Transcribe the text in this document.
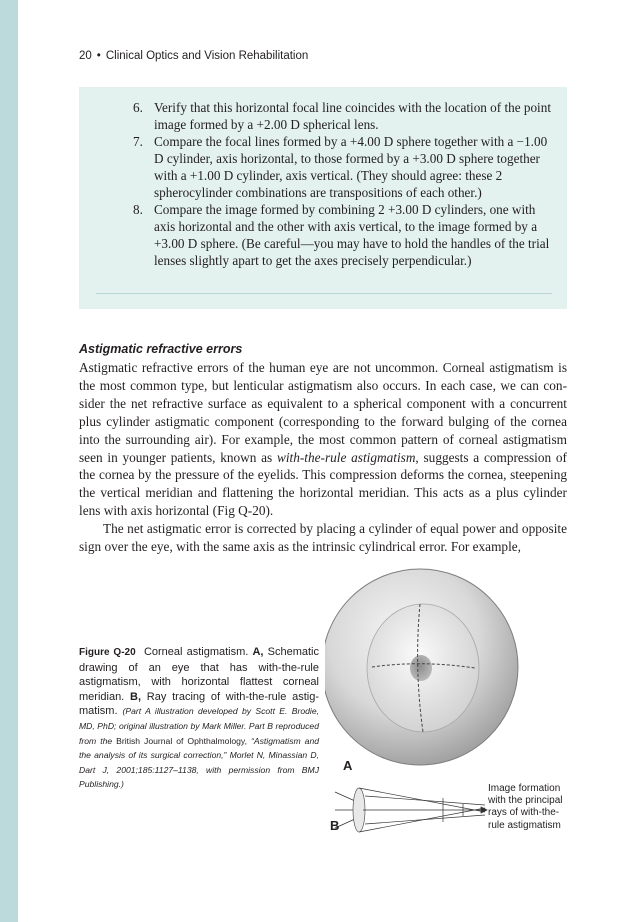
20 • Clinical Optics and Vision Rehabilitation
6. Verify that this horizontal focal line coincides with the location of the point image formed by a +2.00 D spherical lens.
7. Compare the focal lines formed by a +4.00 D sphere together with a −1.00 D cylinder, axis horizontal, to those formed by a +3.00 D sphere together with a +1.00 D cylinder, axis vertical. (They should agree: these 2 spherocylinder combinations are transpositions of each other.)
8. Compare the image formed by combining 2 +3.00 D cylinders, one with axis horizontal and the other with axis vertical, to the image formed by a +3.00 D sphere. (Be careful—you may have to hold the handles of the trial lenses slightly apart to get the axes precisely perpendicular.)
Astigmatic refractive errors

Astigmatic refractive errors of the human eye are not uncommon. Corneal astigmatism is the most common type, but lenticular astigmatism also occurs. In each case, we can consider the net refractive surface as equivalent to a spherical component with a concurrent plus cylinder astigmatic component (corresponding to the forward bulging of the cornea into the surrounding air). For example, the most common pattern of corneal astigmatism seen in younger patients, known as with-the-rule astigmatism, suggests a compression of the cornea by the pressure of the eyelids. This compression deforms the cornea, steepening the vertical meridian and flattening the horizontal meridian. This acts as a plus cylinder lens with axis horizontal (Fig Q-20).

The net astigmatic error is corrected by placing a cylinder of equal power and opposite sign over the eye, with the same axis as the intrinsic cylindrical error. For example,

Figure Q-20 Corneal astigmatism. A, Schematic drawing of an eye that has with-the-rule astigmatism, with horizontal flattest corneal meridian. B, Ray tracing of with-the-rule astigmatism. (Part A illustration developed by Scott E. Brodie, MD, PhD; original illustration by Mark Miller. Part B reproduced from the British Journal of Ophthalmology, “Astigmatism and the analysis of its surgical correction,” Morlet N, Minassian D, Dart J, 2001;185:1127–1138, with permission from BMJ Publishing.)
A
B
Image formation with the principal rays of with-the-rule astigmatism
